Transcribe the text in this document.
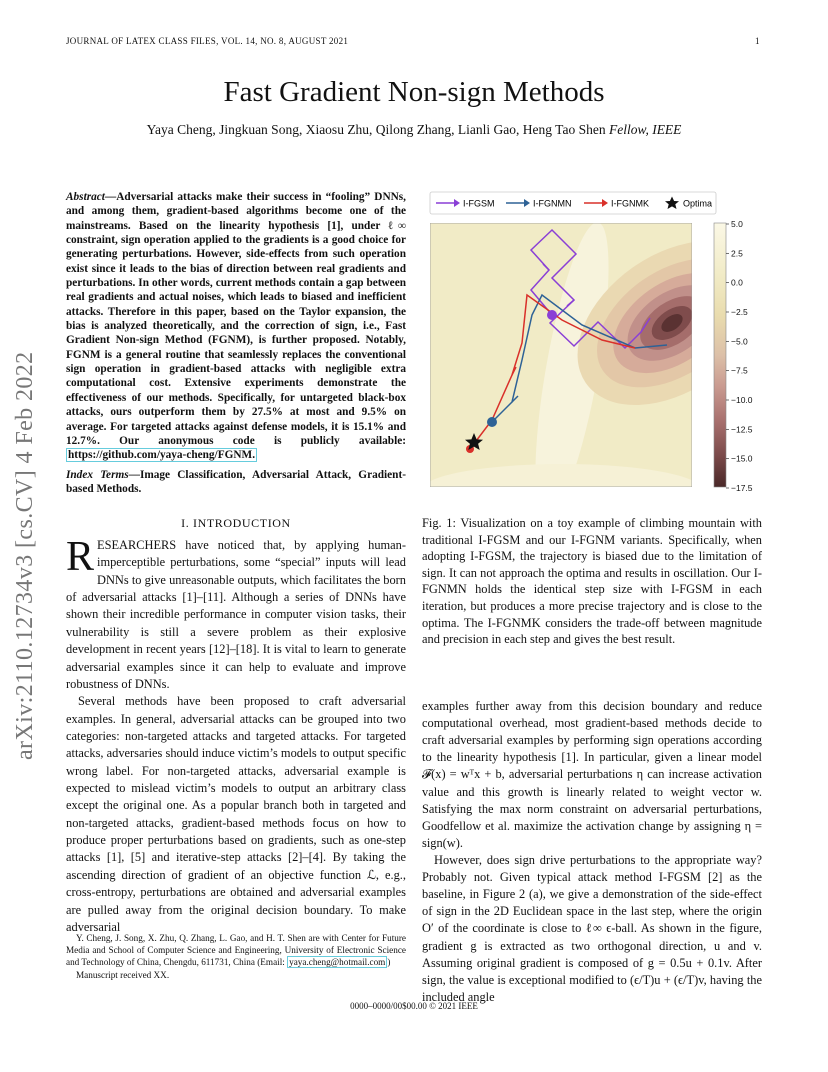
JOURNAL OF LATEX CLASS FILES, VOL. 14, NO. 8, AUGUST 2021	1
Fast Gradient Non-sign Methods
Yaya Cheng, Jingkuan Song, Xiaosu Zhu, Qilong Zhang, Lianli Gao, Heng Tao Shen Fellow, IEEE
arXiv:2110.12734v3 [cs.CV] 4 Feb 2022
Abstract—Adversarial attacks make their success in “fooling” DNNs, and among them, gradient-based algorithms become one of the mainstreams. Based on the linearity hypothesis [1], under ℓ∞ constraint, sign operation applied to the gradients is a good choice for generating perturbations. However, side-effects from such operation exist since it leads to the bias of direction between real gradients and perturbations. In other words, current methods contain a gap between real gradients and actual noises, which leads to biased and inefficient attacks. Therefore in this paper, based on the Taylor expansion, the bias is analyzed theoretically, and the correction of sign, i.e., Fast Gradient Non-sign Method (FGNM), is further proposed. Notably, FGNM is a general routine that seamlessly replaces the conventional sign operation in gradient-based attacks with negligible extra computational cost. Extensive experiments demonstrate the effectiveness of our methods. Specifically, for untargeted black-box attacks, ours outperform them by 27.5% at most and 9.5% on average. For targeted attacks against defense models, it is 15.1% and 12.7%. Our anonymous code is publicly available: https://github.com/yaya-cheng/FGNM.
Index Terms—Image Classification, Adversarial Attack, Gradient-based Methods.
I. INTRODUCTION

RESEARCHERS have noticed that, by applying human-imperceptible perturbations, some “special” inputs will lead DNNs to give unreasonable outputs, which facilitates the born of adversarial attacks [1]–[11]. Although a series of DNNs have shown their incredible performance in computer vision tasks, their vulnerability is still a severe problem as their explosive development in recent years [12]–[18]. It is vital to learn to generate adversarial examples since it can help to evaluate and improve robustness of DNNs.

Several methods have been proposed to craft adversarial examples. In general, adversarial attacks can be grouped into two categories: non-targeted attacks and targeted attacks. For targeted attacks, adversaries should induce victim’s models to output specific wrong label. For non-targeted attacks, adversarial example is expected to mislead victim’s models to output an arbitrary class except the original one. As a popular branch both in targeted and non-targeted attacks, gradient-based methods focus on how to produce proper perturbations based on gradients, such as one-step attacks [1], [5] and iterative-step attacks [2]–[4]. By taking the ascending direction of gradient of an objective function ℒ, e.g., cross-entropy, perturbations are obtained and adversarial examples are pulled away from the original decision boundary. To make adversarial

Y. Cheng, J. Song, X. Zhu, Q. Zhang, L. Gao, and H. T. Shen are with Center for Future Media and School of Computer Science and Engineering, University of Electronic Science and Technology of China, Chengdu, 611731, China (Email: yaya.cheng@hotmail.com )

Manuscript received XX.

I-FGSM	I-FGNMN	I-FGNMK	Optima
5.0
2.5
0.0
−2.5
−5.0
−7.5
−10.0
−12.5
−15.0
−17.5
Fig. 1: Visualization on a toy example of climbing mountain with traditional I-FGSM and our I-FGNM variants. Specifically, when adopting I-FGSM, the trajectory is biased due to the limitation of sign. It can not approach the optima and results in oscillation. Our I-FGNMN holds the identical step size with I-FGSM in each iteration, but produces a more precise trajectory and is close to the optima. The I-FGNMK considers the trade-off between magnitude and precision in each step and gives the best result.

examples further away from this decision boundary and reduce computational overhead, most gradient-based methods decide to craft adversarial examples by performing sign operations according to the linearity hypothesis [1]. In particular, given a linear model 𝓕(x) = wᵀx + b, adversarial perturbations η can increase activation value and this growth is linearly related to weight vector w. Satisfying the max norm constraint on adversarial perturbations, Goodfellow et al. maximize the activation change by assigning η = sign(w).

However, does sign drive perturbations to the appropriate way? Probably not. Given typical attack method I-FGSM [2] as the baseline, in Figure 2 (a), we give a demonstration of the side-effect of sign in the 2D Euclidean space in the last step, where the origin O′ of the coordinate is close to ℓ∞ ϵ-ball. As shown in the figure, gradient g is extracted as two orthogonal direction, u and v. Assuming original gradient is composed of g = 0.5u + 0.1v. After sign, the value is exceptional modified to (ϵ/T)u + (ϵ/T)v, having the included angle

0000–0000/00$00.00 © 2021 IEEE
